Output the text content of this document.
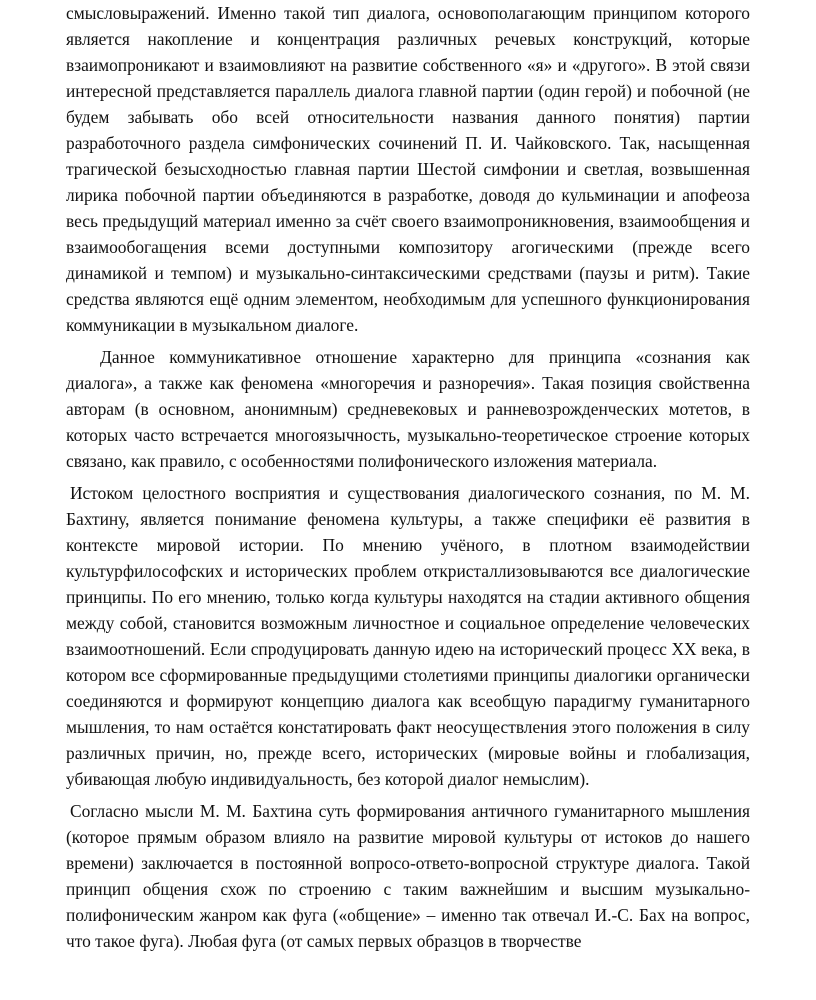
смысловыражений. Именно такой тип диалога, основополагающим принципом которого является накопление и концентрация различных речевых конструкций, которые взаимопроникают и взаимовлияют на развитие собственного «я» и «другого». В этой связи интересной представляется параллель диалога главной партии (один герой) и побочной (не будем забывать обо всей относительности названия данного понятия) партии разработочного раздела симфонических сочинений П. И. Чайковского. Так, насыщенная трагической безысходностью главная партии Шестой симфонии и светлая, возвышенная лирика побочной партии объединяются в разработке, доводя до кульминации и апофеоза весь предыдущий материал именно за счёт своего взаимопроникновения, взаимообщения и взаимообогащения всеми доступными композитору агогическими (прежде всего динамикой и темпом) и музыкально-синтаксическими средствами (паузы и ритм). Такие средства являются ещё одним элементом, необходимым для успешного функционирования коммуникации в музыкальном диалоге.

Данное коммуникативное отношение характерно для принципа «сознания как диалога», а также как феномена «многоречия и разноречия». Такая позиция свойственна авторам (в основном, анонимным) средневековых и ранневозрожденческих мотетов, в которых часто встречается многоязычность, музыкально-теоретическое строение которых связано, как правило, с особенностями полифонического изложения материала.

Истоком целостного восприятия и существования диалогического сознания, по М. М. Бахтину, является понимание феномена культуры, а также специфики её развития в контексте мировой истории. По мнению учёного, в плотном взаимодействии культурфилософских и исторических проблем откристаллизовываются все диалогические принципы. По его мнению, только когда культуры находятся на стадии активного общения между собой, становится возможным личностное и социальное определение человеческих взаимоотношений. Если спродуцировать данную идею на исторический процесс XX века, в котором все сформированные предыдущими столетиями принципы диалогики органически соединяются и формируют концепцию диалога как всеобщую парадигму гуманитарного мышления, то нам остаётся констатировать факт неосуществления этого положения в силу различных причин, но, прежде всего, исторических (мировые войны и глобализация, убивающая любую индивидуальность, без которой диалог немыслим).

Согласно мысли М. М. Бахтина суть формирования античного гуманитарного мышления (которое прямым образом влияло на развитие мировой культуры от истоков до нашего времени) заключается в постоянной вопросо-ответо-вопросной структуре диалога. Такой принцип общения схож по строению с таким важнейшим и высшим музыкально-полифоническим жанром как фуга («общение» – именно так отвечал И.-С. Бах на вопрос, что такое фуга). Любая фуга (от самых первых образцов в творчестве
